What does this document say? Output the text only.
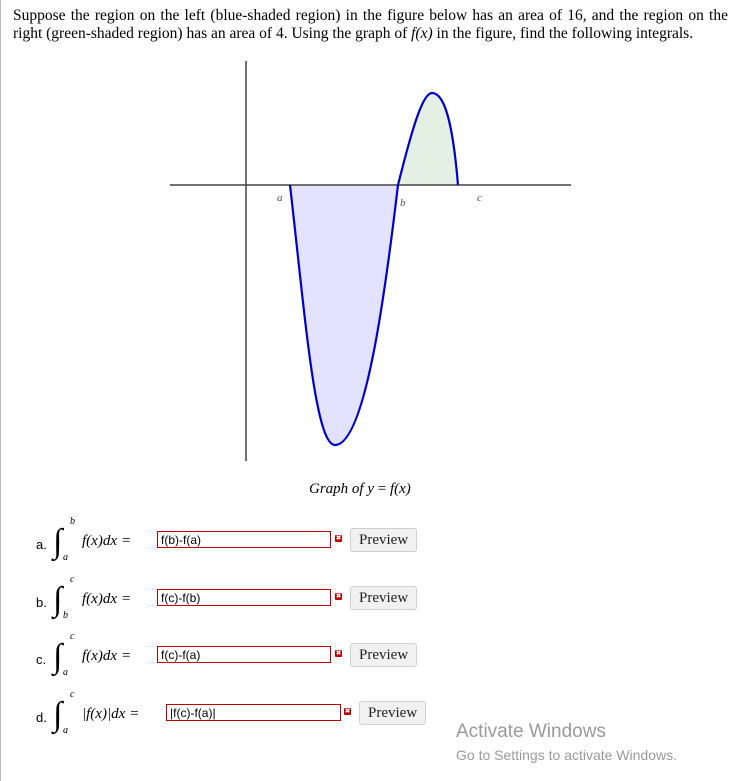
Suppose the region on the left (blue-shaded region) in the figure below has an area of 16, and the region on the right (green-shaded region) has an area of 4. Using the graph of f(x) in the figure, find the following integrals.
a	b	c
Graph of y = f(x)
a. ∫
b
a
f(x)dx =
f(b)-f(a)	✖	Preview
b. ∫
c
b
f(x)dx =
f(c)-f(b)	✖	Preview
c. ∫
c
a
f(x)dx =
f(c)-f(a)	✖	Preview
d. ∫
c
a
|f(x)|dx =
|f(c)-f(a)|	✖	Preview
Activate Windows
Go to Settings to activate Windows.
